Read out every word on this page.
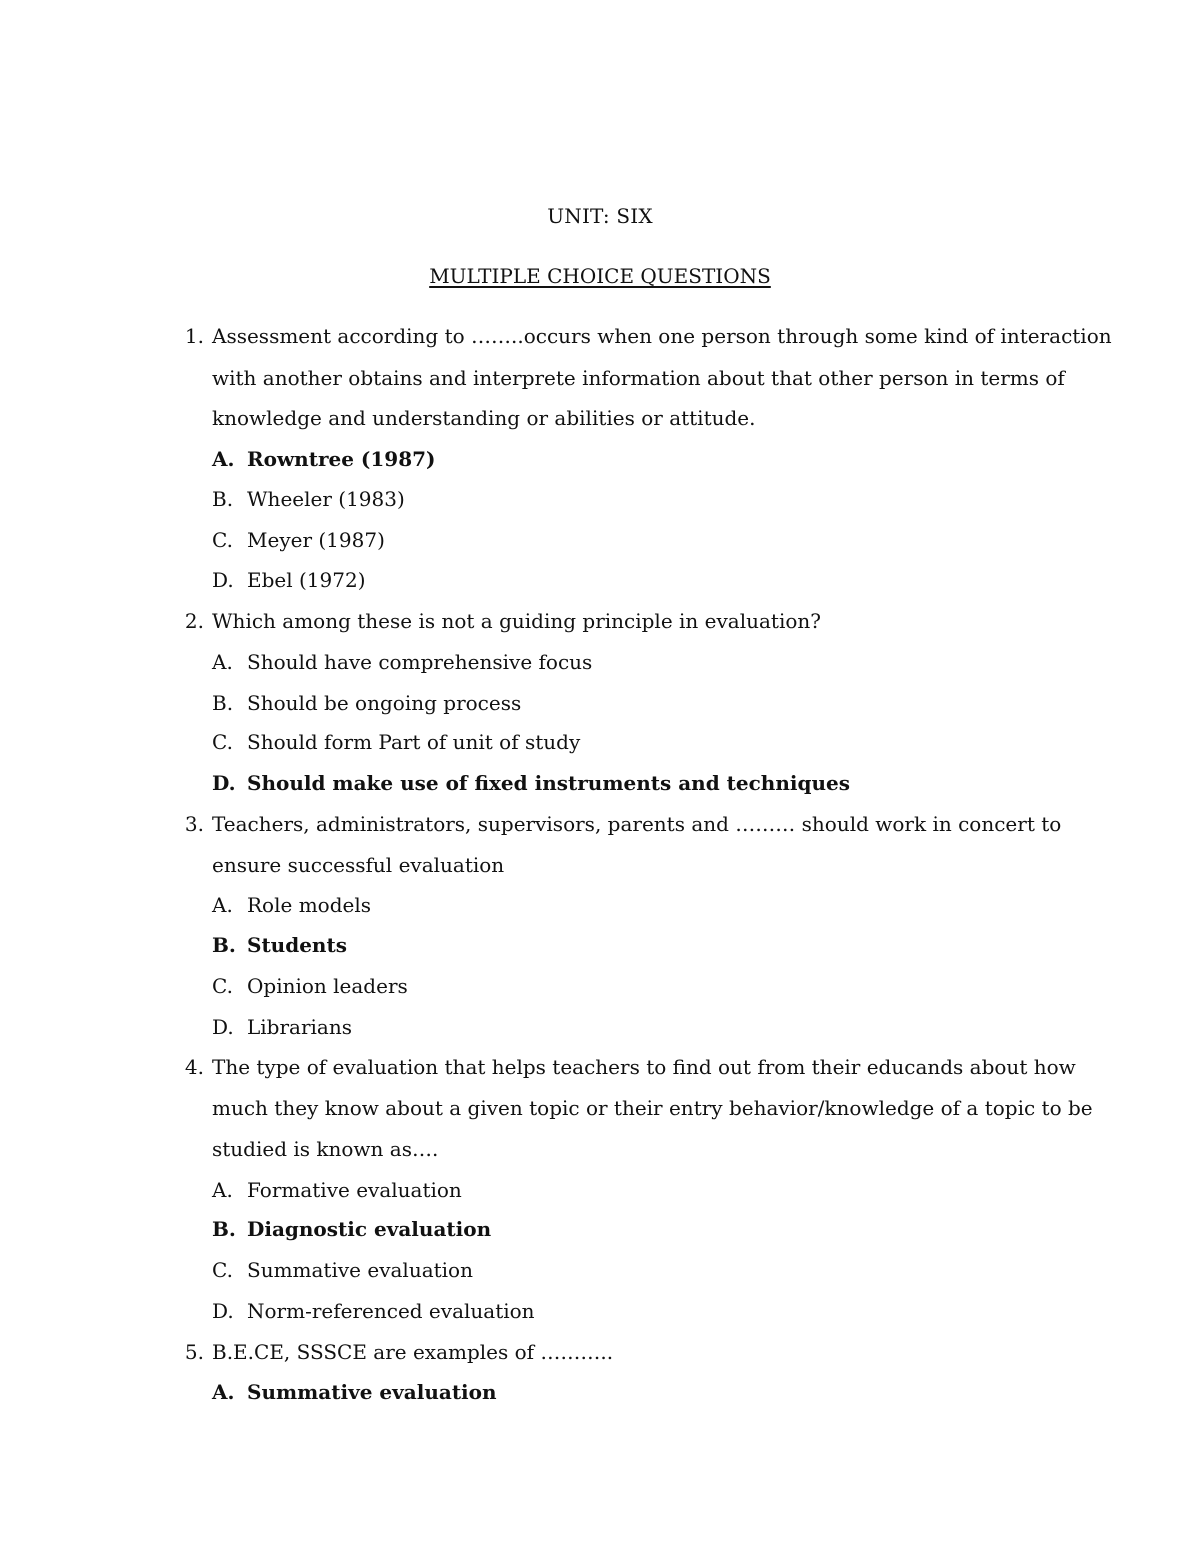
UNIT: SIX
MULTIPLE CHOICE QUESTIONS
1. Assessment according to ……..occurs when one person through some kind of interaction
with another obtains and interprete information about that other person in terms of
knowledge and understanding or abilities or attitude.
A. Rowntree (1987)
B. Wheeler (1983)
C. Meyer (1987)
D. Ebel (1972)
2. Which among these is not a guiding principle in evaluation?
A. Should have comprehensive focus
B. Should be ongoing process
C. Should form Part of unit of study
D. Should make use of fixed instruments and techniques
3. Teachers, administrators, supervisors, parents and ……… should work in concert to
ensure successful evaluation
A. Role models
B. Students
C. Opinion leaders
D. Librarians
4. The type of evaluation that helps teachers to find out from their educands about how
much they know about a given topic or their entry behavior/knowledge of a topic to be
studied is known as….
A. Formative evaluation
B. Diagnostic evaluation
C. Summative evaluation
D. Norm-referenced evaluation
5. B.E.CE, SSSCE are examples of ………..
A. Summative evaluation
